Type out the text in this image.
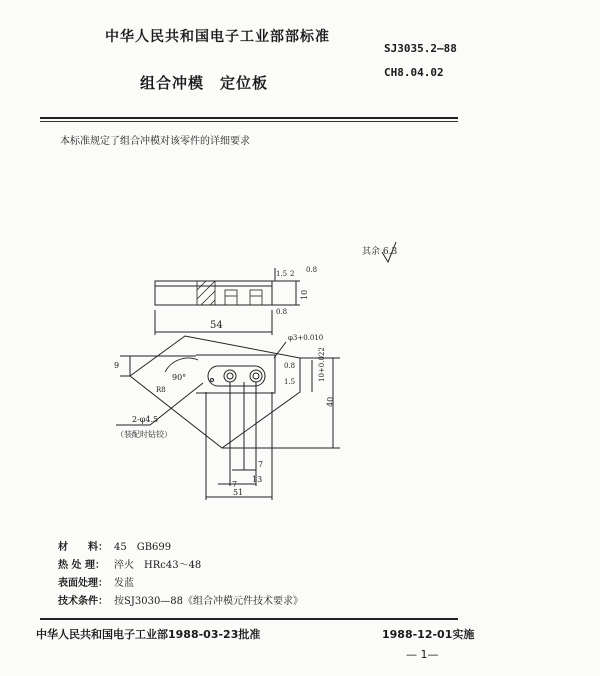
中华人民共和国电子工业部部标准
SJ3035.2—88
组合冲模　定位板
CH8.04.02
本标准规定了组合冲模对该零件的详细要求
其余 6.3
1.5	0.8
2
10
0.8
54
φ3+0.010
9
90°
R8
0.8
1.5	10+0.022
40
2-φ4.5
（装配时钻铰）
7
7
13
51
材　　料： 45　GB699
热 处 理： 淬火　HRc43～48
表面处理： 发蓝
技术条件： 按SJ3030—88《组合冲模元件技术要求》
中华人民共和国电子工业部1988-03-23批准	1988-12-01实施
— 1—
